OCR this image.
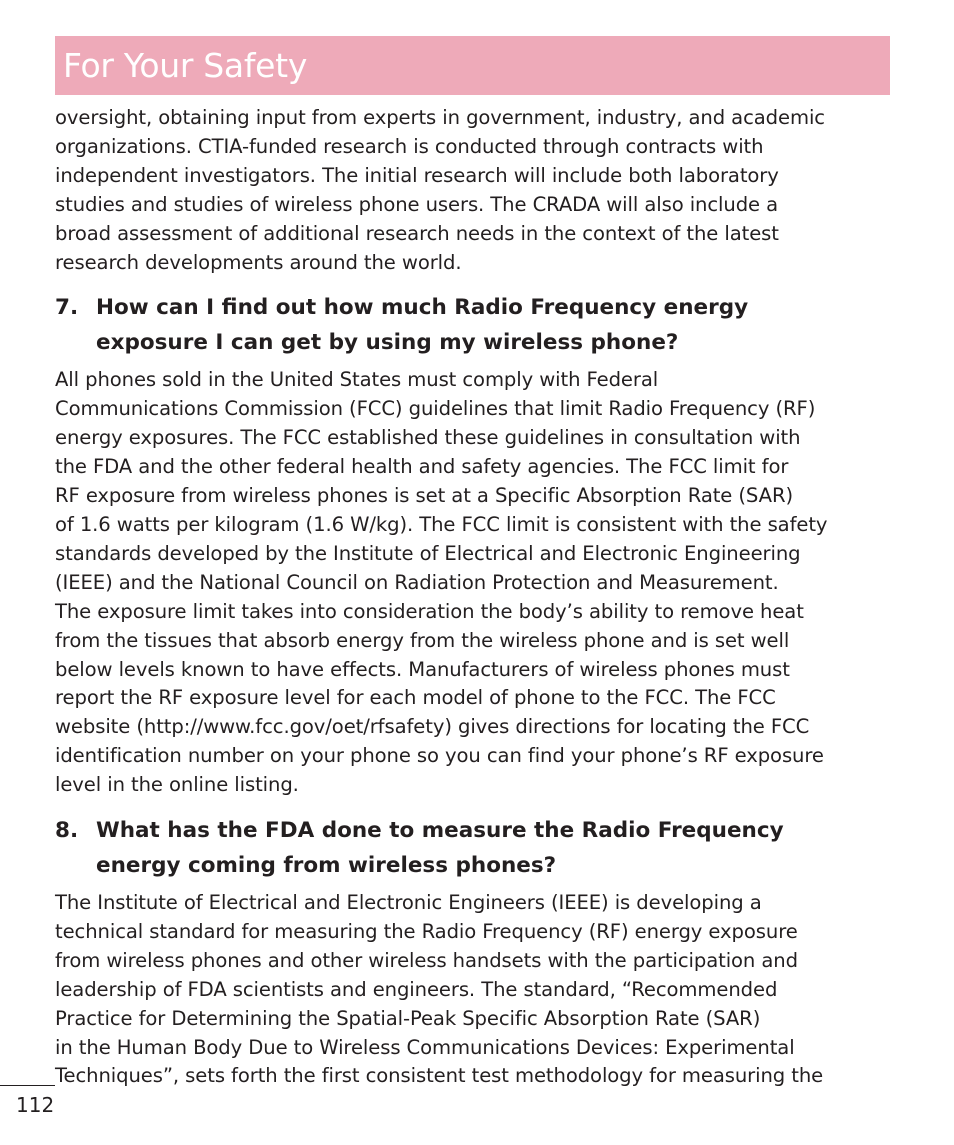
For Your Safety

oversight, obtaining input from experts in government, industry, and academic
organizations. CTIA-funded research is conducted through contracts with
independent investigators. The initial research will include both laboratory
studies and studies of wireless phone users. The CRADA will also include a
broad assessment of additional research needs in the context of the latest
research developments around the world.

7. How can I find out how much Radio Frequency energy
exposure I can get by using my wireless phone?

All phones sold in the United States must comply with Federal
Communications Commission (FCC) guidelines that limit Radio Frequency (RF)
energy exposures. The FCC established these guidelines in consultation with
the FDA and the other federal health and safety agencies. The FCC limit for
RF exposure from wireless phones is set at a Specific Absorption Rate (SAR)
of 1.6 watts per kilogram (1.6 W/kg). The FCC limit is consistent with the safety
standards developed by the Institute of Electrical and Electronic Engineering
(IEEE) and the National Council on Radiation Protection and Measurement.
The exposure limit takes into consideration the body’s ability to remove heat
from the tissues that absorb energy from the wireless phone and is set well
below levels known to have effects. Manufacturers of wireless phones must
report the RF exposure level for each model of phone to the FCC. The FCC
website (http://www.fcc.gov/oet/rfsafety) gives directions for locating the FCC
identification number on your phone so you can find your phone’s RF exposure
level in the online listing.

8. What has the FDA done to measure the Radio Frequency
energy coming from wireless phones?

The Institute of Electrical and Electronic Engineers (IEEE) is developing a
technical standard for measuring the Radio Frequency (RF) energy exposure
from wireless phones and other wireless handsets with the participation and
leadership of FDA scientists and engineers. The standard, “Recommended
Practice for Determining the Spatial-Peak Specific Absorption Rate (SAR)
in the Human Body Due to Wireless Communications Devices: Experimental
Techniques”, sets forth the first consistent test methodology for measuring the

112
